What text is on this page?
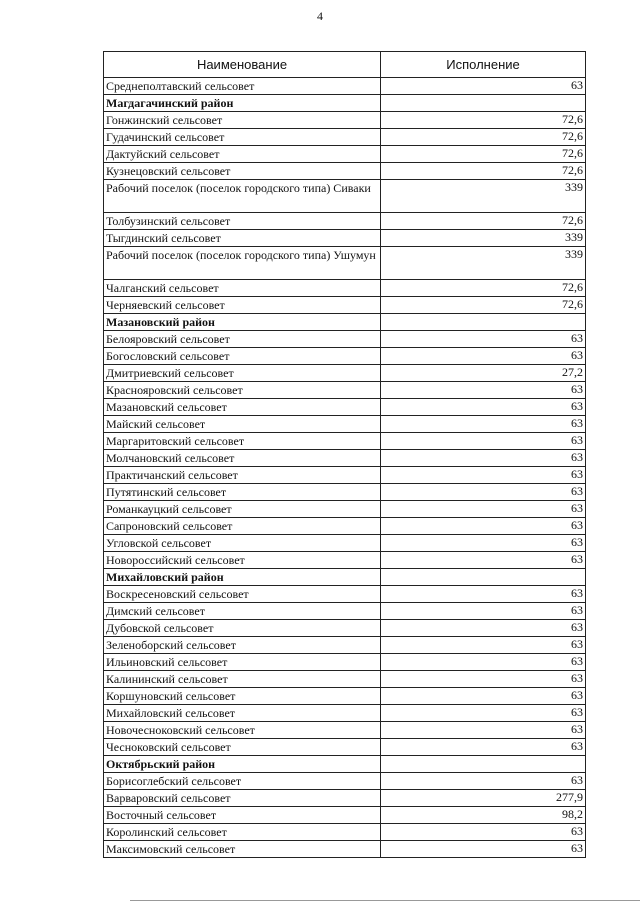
4
Наименование	Исполнение
Среднеполтавский сельсовет	63
Магдагачинский район	
Гонжинский сельсовет	72,6
Гудачинский сельсовет	72,6
Дактуйский сельсовет	72,6
Кузнецовский сельсовет	72,6
Рабочий поселок (поселок городского типа) Сиваки	339
Толбузинский сельсовет	72,6
Тыгдинский сельсовет	339
Рабочий поселок (поселок городского типа) Ушумун	339
Чалганский сельсовет	72,6
Черняевский сельсовет	72,6
Мазановский район	
Белояровский сельсовет	63
Богословский сельсовет	63
Дмитриевский сельсовет	27,2
Краснояровский сельсовет	63
Мазановский сельсовет	63
Майский сельсовет	63
Маргаритовский сельсовет	63
Молчановский сельсовет	63
Практичанский сельсовет	63
Путятинский сельсовет	63
Романкауцкий сельсовет	63
Сапроновский сельсовет	63
Угловской сельсовет	63
Новороссийский сельсовет	63
Михайловский район	
Воскресеновский сельсовет	63
Димский сельсовет	63
Дубовской сельсовет	63
Зеленоборский сельсовет	63
Ильиновский сельсовет	63
Калининский сельсовет	63
Коршуновский сельсовет	63
Михайловский сельсовет	63
Новочесноковский сельсовет	63
Чесноковский сельсовет	63
Октябрьский район	
Борисоглебский сельсовет	63
Варваровский сельсовет	277,9
Восточный сельсовет	98,2
Королинский сельсовет	63
Максимовский сельсовет	63
